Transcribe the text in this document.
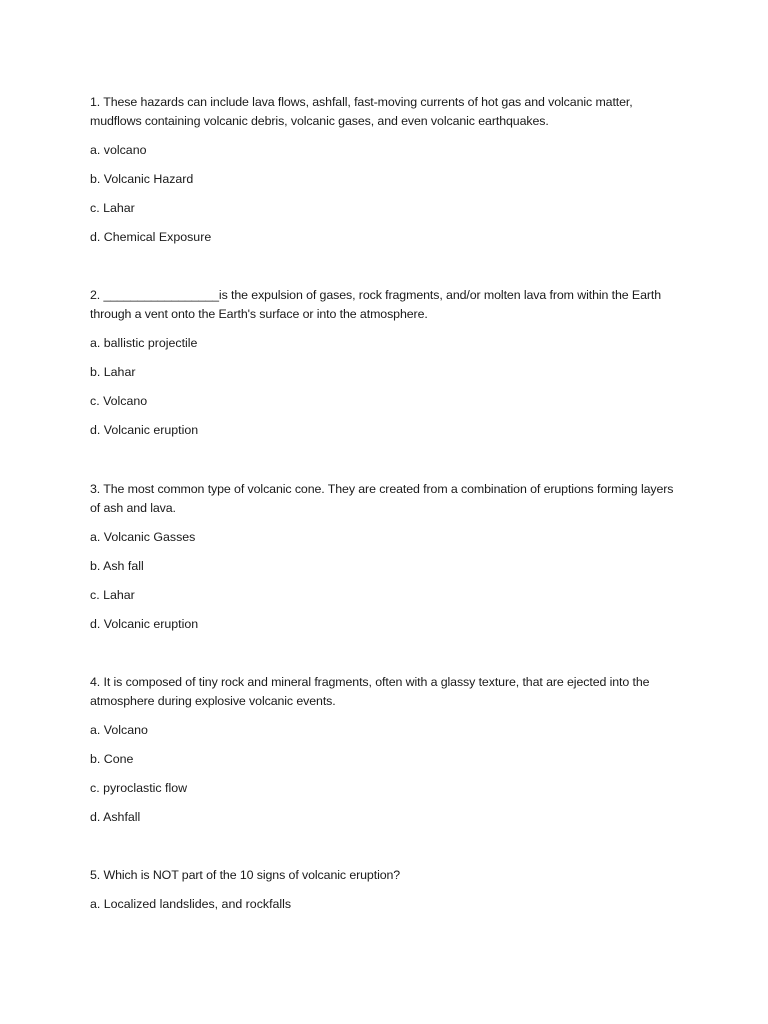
1. These hazards can include lava flows, ashfall, fast-moving currents of hot gas and volcanic matter, mudflows containing volcanic debris, volcanic gases, and even volcanic earthquakes.

a. volcano
b. Volcanic Hazard
c. Lahar
d. Chemical Exposure

2. _________________is the expulsion of gases, rock fragments, and/or molten lava from within the Earth through a vent onto the Earth's surface or into the atmosphere.

a. ballistic projectile
b. Lahar
c. Volcano
d. Volcanic eruption

3. The most common type of volcanic cone. They are created from a combination of eruptions forming layers of ash and lava.

a. Volcanic Gasses
b. Ash fall
c. Lahar
d. Volcanic eruption

4. It is composed of tiny rock and mineral fragments, often with a glassy texture, that are ejected into the atmosphere during explosive volcanic events.

a. Volcano
b. Cone
c. pyroclastic flow
d. Ashfall

5. Which is NOT part of the 10 signs of volcanic eruption?

a. Localized landslides, and rockfalls
